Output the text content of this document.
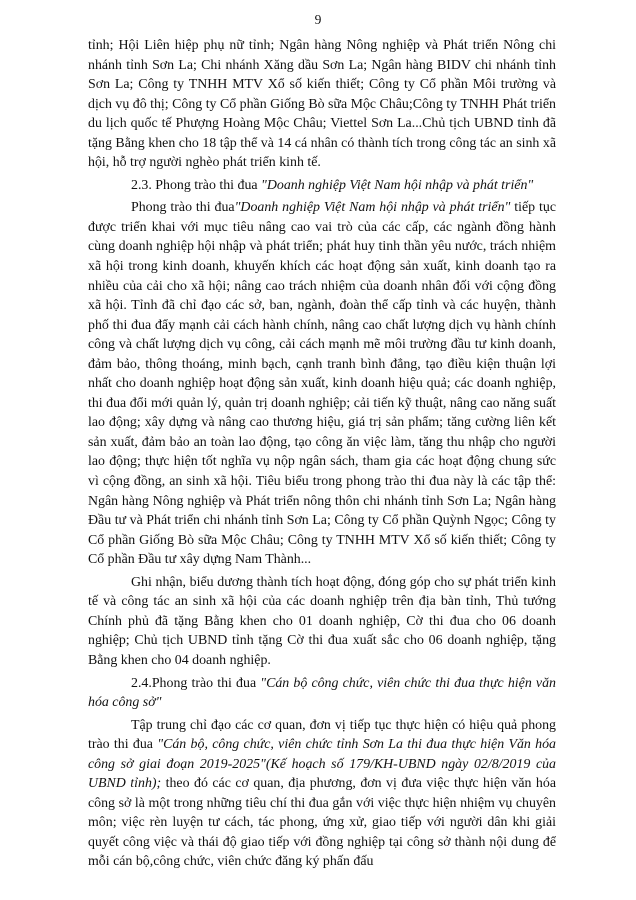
9

tỉnh; Hội Liên hiệp phụ nữ tỉnh; Ngân hàng Nông nghiệp và Phát triển Nông chi nhánh tỉnh Sơn La; Chi nhánh Xăng dầu Sơn La; Ngân hàng BIDV chi nhánh tỉnh Sơn La; Công ty TNHH MTV Xổ số kiến thiết; Công ty Cổ phần Môi trường và dịch vụ đô thị; Công ty Cổ phần Giống Bò sữa Mộc Châu;Công ty TNHH Phát triển du lịch quốc tế Phượng Hoàng Mộc Châu; Viettel Sơn La...Chủ tịch UBND tỉnh đã tặng Bằng khen cho 18 tập thể và 14 cá nhân có thành tích trong công tác an sinh xã hội, hỗ trợ người nghèo phát triển kinh tế.

2.3. Phong trào thi đua "Doanh nghiệp Việt Nam hội nhập và phát triển"

Phong trào thi đua"Doanh nghiệp Việt Nam hội nhập và phát triển" tiếp tục được triển khai với mục tiêu nâng cao vai trò của các cấp, các ngành đồng hành cùng doanh nghiệp hội nhập và phát triển; phát huy tinh thần yêu nước, trách nhiệm xã hội trong kinh doanh, khuyến khích các hoạt động sản xuất, kinh doanh tạo ra nhiều của cải cho xã hội; nâng cao trách nhiệm của doanh nhân đối với cộng đồng xã hội. Tỉnh đã chỉ đạo các sở, ban, ngành, đoàn thể cấp tỉnh và các huyện, thành phố thi đua đẩy mạnh cải cách hành chính, nâng cao chất lượng dịch vụ hành chính công và chất lượng dịch vụ công, cải cách mạnh mẽ môi trường đầu tư kinh doanh, đảm bảo, thông thoáng, minh bạch, cạnh tranh bình đẳng, tạo điều kiện thuận lợi nhất cho doanh nghiệp hoạt động sản xuất, kinh doanh hiệu quả; các doanh nghiệp, thi đua đổi mới quản lý, quản trị doanh nghiệp; cải tiến kỹ thuật, nâng cao năng suất lao động; xây dựng và nâng cao thương hiệu, giá trị sản phẩm; tăng cường liên kết sản xuất, đảm bảo an toàn lao động, tạo công ăn việc làm, tăng thu nhập cho người lao động; thực hiện tốt nghĩa vụ nộp ngân sách, tham gia các hoạt động chung sức vì cộng đồng, an sinh xã hội. Tiêu biểu trong phong trào thi đua này là các tập thể: Ngân hàng Nông nghiệp và Phát triển nông thôn chi nhánh tỉnh Sơn La; Ngân hàng Đầu tư và Phát triển chi nhánh tỉnh Sơn La; Công ty Cổ phần Quỳnh Ngọc; Công ty Cổ phần Giống Bò sữa Mộc Châu; Công ty TNHH MTV Xổ số kiến thiết; Công ty Cổ phần Đầu tư xây dựng Nam Thành...

Ghi nhận, biểu dương thành tích hoạt động, đóng góp cho sự phát triển kinh tế và công tác an sinh xã hội của các doanh nghiệp trên địa bàn tỉnh, Thủ tướng Chính phủ đã tặng Bằng khen cho 01 doanh nghiệp, Cờ thi đua cho 06 doanh nghiệp; Chủ tịch UBND tỉnh tặng Cờ thi đua xuất sắc cho 06 doanh nghiệp, tặng Bằng khen cho 04 doanh nghiệp.

2.4.Phong trào thi đua "Cán bộ công chức, viên chức thi đua thực hiện văn hóa công sở"

Tập trung chỉ đạo các cơ quan, đơn vị tiếp tục thực hiện có hiệu quả phong trào thi đua "Cán bộ, công chức, viên chức tỉnh Sơn La thi đua thực hiện Văn hóa công sở giai đoạn 2019-2025"(Kế hoạch số 179/KH-UBND ngày 02/8/2019 của UBND tỉnh); theo đó các cơ quan, địa phương, đơn vị đưa việc thực hiện văn hóa công sở là một trong những tiêu chí thi đua gắn với việc thực hiện nhiệm vụ chuyên môn; việc rèn luyện tư cách, tác phong, ứng xử, giao tiếp với người dân khi giải quyết công việc và thái độ giao tiếp với đồng nghiệp tại công sở thành nội dung để mỗi cán bộ,công chức, viên chức đăng ký phấn đấu
